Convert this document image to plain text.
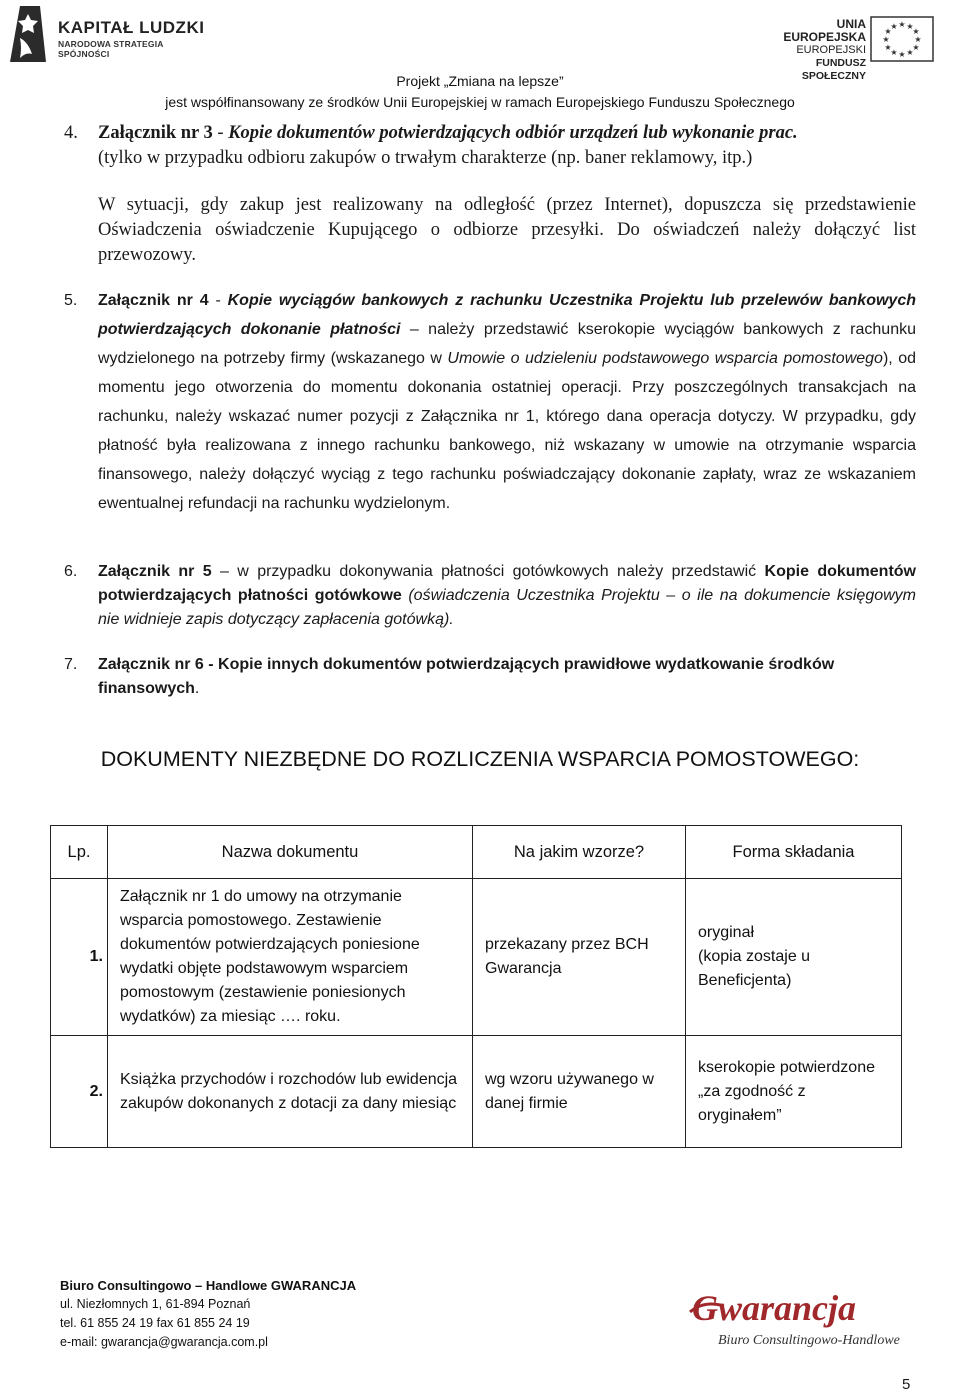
KAPITAŁ LUDZKI
NARODOWA STRATEGIA SPÓJNOŚCI
UNIA EUROPEJSKA
EUROPEJSKI
FUNDUSZ SPOŁECZNY
★ ★
★
★
★
★
★
★
★
★
★
★
Projekt „Zmiana na lepsze”
jest współfinansowany ze środków Unii Europejskiej w ramach Europejskiego Funduszu Społecznego
4. Załącznik nr 3 - Kopie dokumentów potwierdzających odbiór urządzeń lub wykonanie prac.
(tylko w przypadku odbioru zakupów o trwałym charakterze (np. baner reklamowy, itp.)
W sytuacji, gdy zakup jest realizowany na odległość (przez Internet), dopuszcza się przedstawienie Oświadczenia oświadczenie Kupującego o odbiorze przesyłki. Do oświadczeń należy dołączyć list przewozowy.
5. Załącznik nr 4 - Kopie wyciągów bankowych z rachunku Uczestnika Projektu lub przelewów bankowych potwierdzających dokonanie płatności – należy przedstawić kserokopie wyciągów bankowych z rachunku wydzielonego na potrzeby firmy (wskazanego w Umowie o udzieleniu podstawowego wsparcia pomostowego), od momentu jego otworzenia do momentu dokonania ostatniej operacji. Przy poszczególnych transakcjach na rachunku, należy wskazać numer pozycji z Załącznika nr 1, którego dana operacja dotyczy. W przypadku, gdy płatność była realizowana z innego rachunku bankowego, niż wskazany w umowie na otrzymanie wsparcia finansowego, należy dołączyć wyciąg z tego rachunku poświadczający dokonanie zapłaty, wraz ze wskazaniem ewentualnej refundacji na rachunku wydzielonym.
6. Załącznik nr 5 – w przypadku dokonywania płatności gotówkowych należy przedstawić Kopie dokumentów potwierdzających płatności gotówkowe (oświadczenia Uczestnika Projektu – o ile na dokumencie księgowym nie widnieje zapis dotyczący zapłacenia gotówką).
7. Załącznik nr 6 - Kopie innych dokumentów potwierdzających prawidłowe wydatkowanie środków finansowych.
DOKUMENTY NIEZBĘDNE DO ROZLICZENIA WSPARCIA POMOSTOWEGO:
Lp.	Nazwa dokumentu	Na jakim wzorze?	Forma składania
1.	Załącznik nr 1 do umowy na otrzymanie wsparcia pomostowego. Zestawienie dokumentów potwierdzających poniesione wydatki objęte podstawowym wsparciem pomostowym (zestawienie poniesionych wydatków) za miesiąc …. roku.	przekazany przez BCH Gwarancja	oryginał
(kopia zostaje u Beneficjenta)

2.	Książka przychodów i rozchodów lub ewidencja zakupów dokonanych z dotacji za dany miesiąc	wg wzoru używanego w danej firmie	kserokopie potwierdzone „za zgodność z oryginałem”
Biuro Consultingowo – Handlowe GWARANCJA
ul. Niezłomnych 1, 61-894 Poznań
tel. 61 855 24 19 fax 61 855 24 19
e-mail: gwarancja@gwarancja.com.pl
Gwarancja
Biuro Consultingowo-Handlowe
5
